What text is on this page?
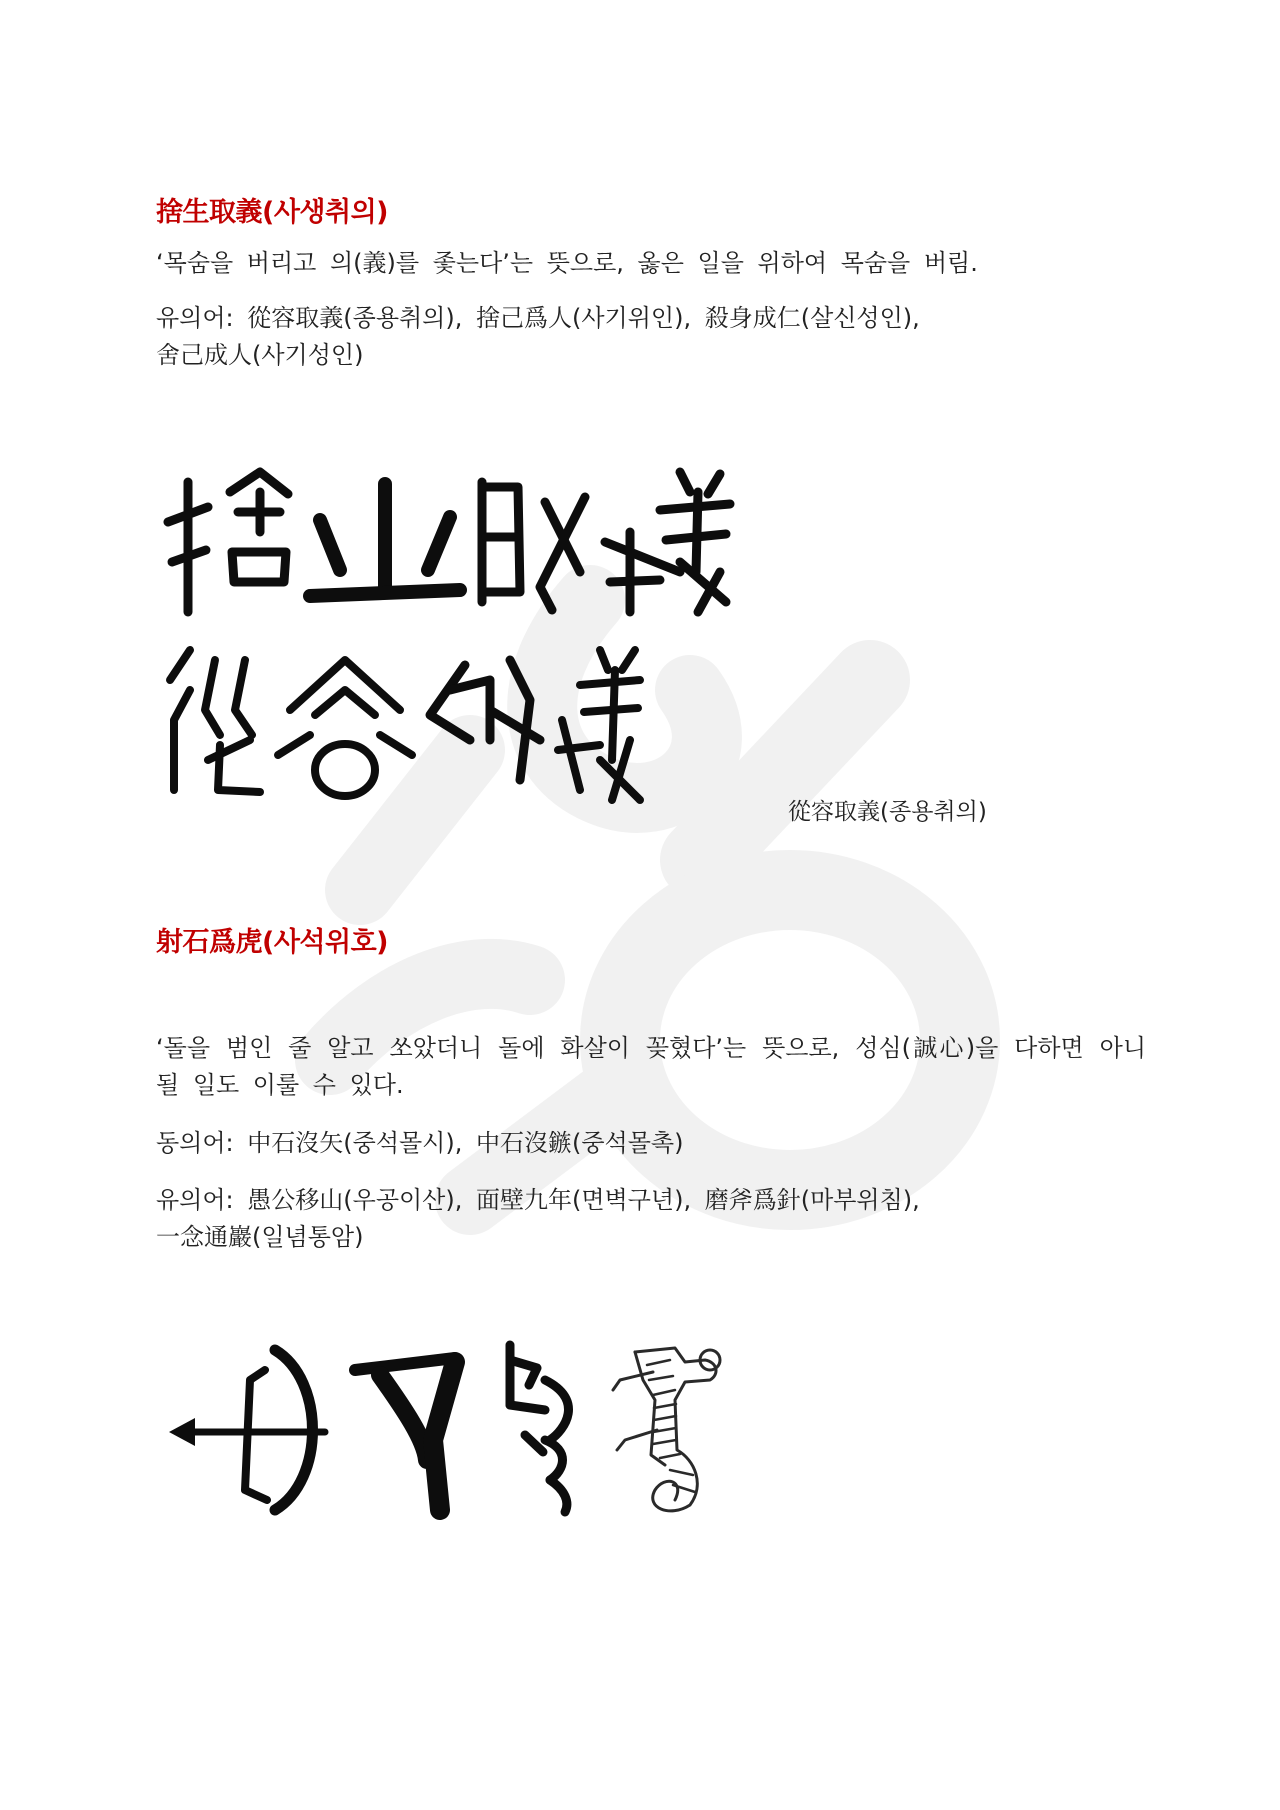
捨生取義(사생취의)

‘목숨을 버리고 의(義)를 좇는다’는 뜻으로, 옳은 일을 위하여 목숨을 버림.

유의어: 從容取義(종용취의), 捨己爲人(사기위인), 殺身成仁(살신성인),

舍己成人(사기성인)

從容取義(종용취의)
射石爲虎(사석위호)

‘돌을 범인 줄 알고 쏘았더니 돌에 화살이 꽂혔다’는 뜻으로, 성심(誠心)을 다하면 아니

될 일도 이룰 수 있다.

동의어: 中石沒矢(중석몰시), 中石沒鏃(중석몰촉)

유의어: 愚公移山(우공이산), 面壁九年(면벽구년), 磨斧爲針(마부위침),

一念通巖(일념통암)
